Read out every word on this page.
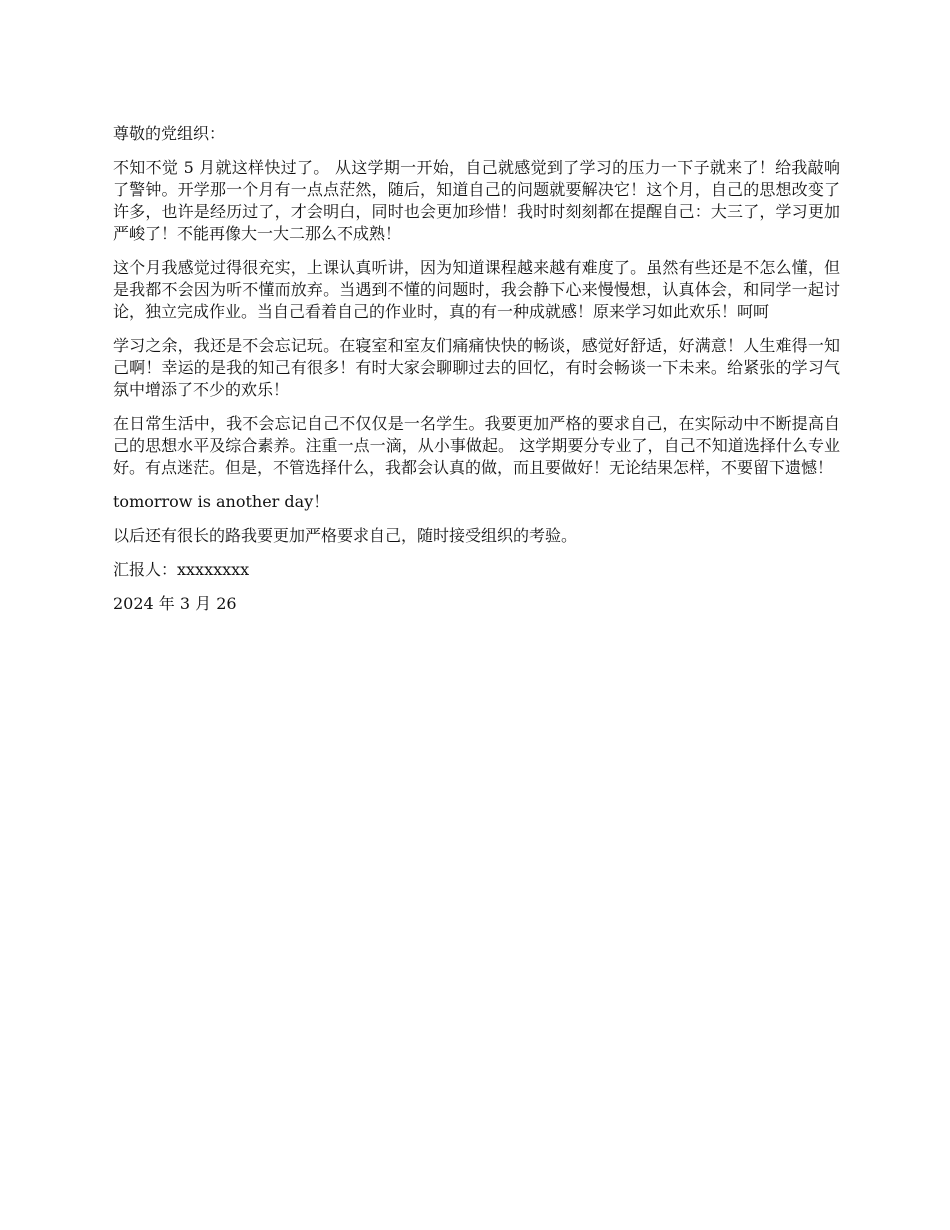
尊敬的党组织：

不知不觉 5 月就这样快过了。 从这学期一开始，自己就感觉到了学习的压力一下子就来了！给我敲响了警钟。开学那一个月有一点点茫然，随后，知道自己的问题就要解决它！这个月，自己的思想改变了许多，也许是经历过了，才会明白，同时也会更加珍惜！我时时刻刻都在提醒自己：大三了，学习更加严峻了！不能再像大一大二那么不成熟！

这个月我感觉过得很充实，上课认真听讲，因为知道课程越来越有难度了。虽然有些还是不怎么懂，但是我都不会因为听不懂而放弃。当遇到不懂的问题时，我会静下心来慢慢想，认真体会，和同学一起讨论，独立完成作业。当自己看着自己的作业时，真的有一种成就感！原来学习如此欢乐！呵呵

学习之余，我还是不会忘记玩。在寝室和室友们痛痛快快的畅谈，感觉好舒适，好满意！人生难得一知己啊！幸运的是我的知己有很多！有时大家会聊聊过去的回忆，有时会畅谈一下未来。给紧张的学习气氛中增添了不少的欢乐！

在日常生活中，我不会忘记自己不仅仅是一名学生。我要更加严格的要求自己，在实际动中不断提高自己的思想水平及综合素养。注重一点一滴，从小事做起。 这学期要分专业了，自己不知道选择什么专业好。有点迷茫。但是，不管选择什么，我都会认真的做，而且要做好！无论结果怎样，不要留下遗憾！

tomorrow is another day！

以后还有很长的路我要更加严格要求自己，随时接受组织的考验。

汇报人：xxxxxxxx

2024 年 3 月 26
